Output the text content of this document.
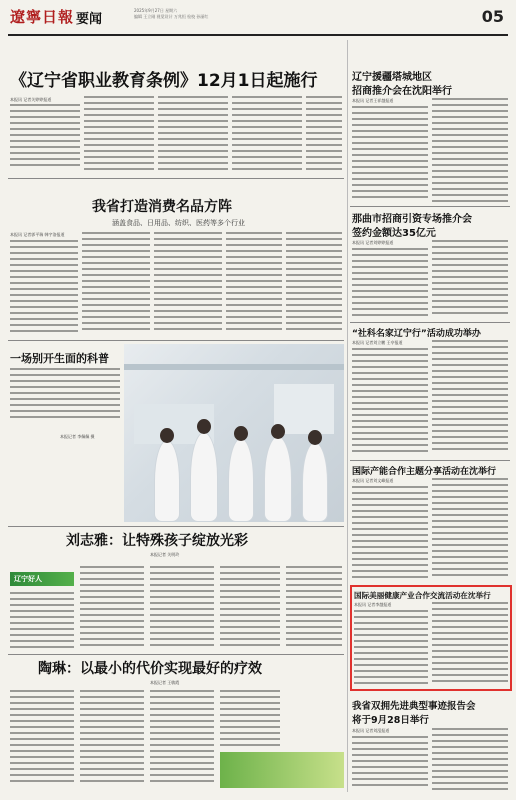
遼寧日報 要闻
2025年9月27日 星期六
编辑 王立刚 视觉设计 万兆恒 检校 孙丽红	05
《辽宁省职业教育条例》12月1日起施行
本报讯 记者关婷婷报道
我省打造消费名品方阵
涵盖食品、日用品、纺织、医药等多个行业
本报讯 记者郭平瑞 韩宇洛报道
一场别开生面的科普
本报记者 李佩佩 摄
刘志雅：让特殊孩子绽放光彩
本报记者 关明玲
辽宁好人
陶琳：以最小的代价实现最好的疗效
本报记者 王敏霞
辽宁援疆塔城地区
招商推介会在沈阳举行
本报讯 记者王祥越报道
那曲市招商引资专场推介会
签约金额达35亿元
本报讯 记者刘婷婷报道
“社科名家辽宁行”活动成功举办
本报讯 记者刘立鹏 王亭报道
国际产能合作主题分享活动在沈举行
本报讯 记者刘文峰报道
国际美丽健康产业合作交流活动在沈举行
本报讯 记者李越报道
我省双拥先进典型事迹报告会
将于9月28日举行
本报讯 记者刘泓报道
